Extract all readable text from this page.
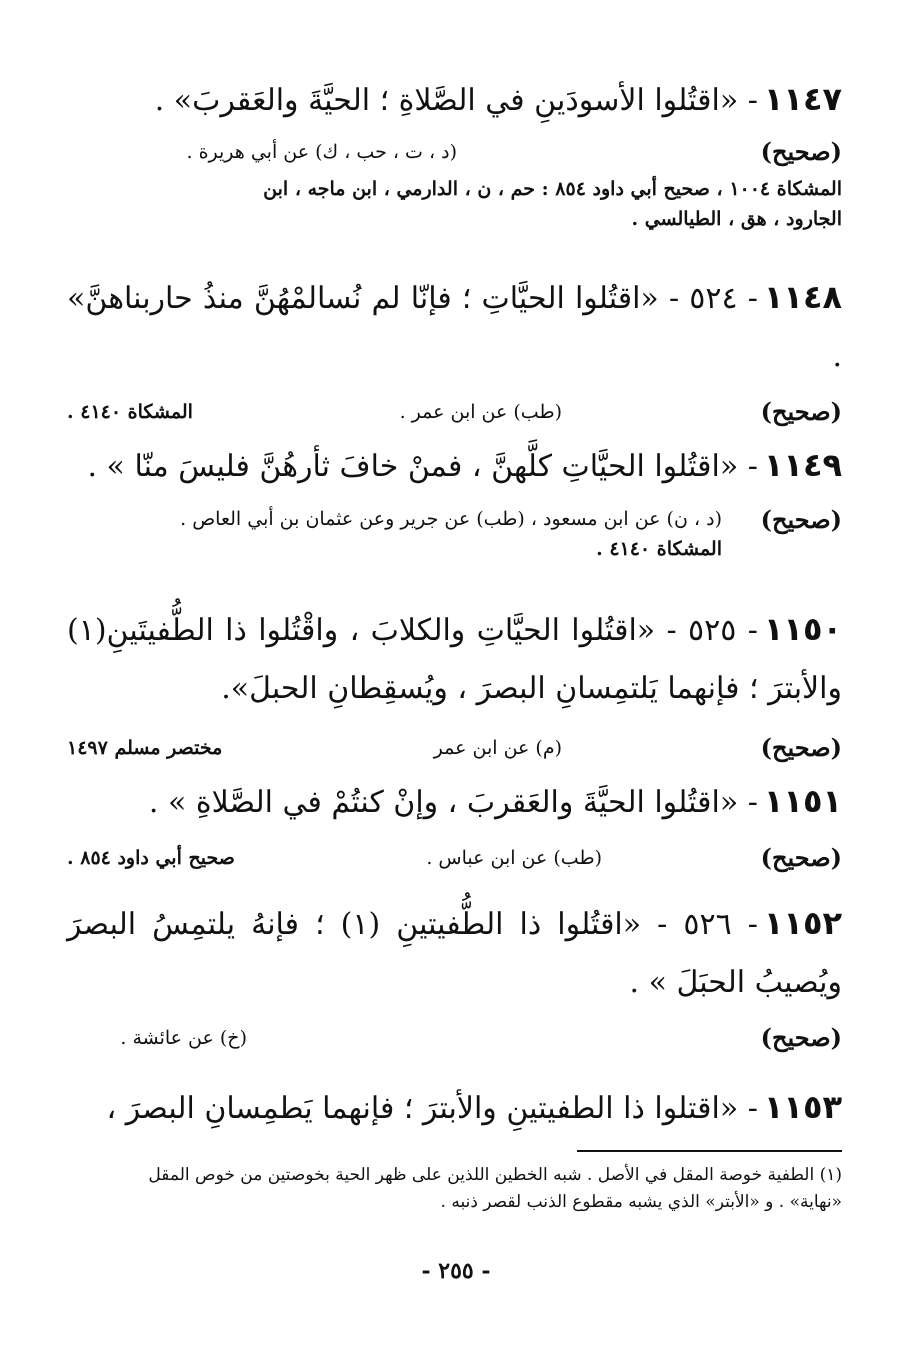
١١٤٧- «اقتُلوا الأسودَينِ في الصَّلاةِ ؛ الحيَّةَ والعَقربَ» .

(صحيح)
(د ، ت ، حب ، ك) عن أبي هريرة .

المشكاة ١٠٠٤ ، صحيح أبي داود ٨٥٤ : حم ، ن ، الدارمي ، ابن ماجه ، ابن

الجارود ، هق ، الطيالسي .

١١٤٨- ٥٢٤ - «اقتُلوا الحيَّاتِ ؛ فإنّا لم نُسالمْهُنَّ منذُ حاربناهنَّ» .

(صحيح)
(طب) عن ابن عمر .
المشكاة ٤١٤٠ .

١١٤٩- «اقتُلوا الحيَّاتِ كلَّهنَّ ، فمنْ خافَ ثأرهُنَّ فليسَ منّا » .

(صحيح)

(د ، ن) عن ابن مسعود ، (طب) عن جرير وعن عثمان بن أبي العاص .

المشكاة ٤١٤٠ .

١١٥٠- ٥٢٥ - «اقتُلوا الحيَّاتِ والكلابَ ، واقْتُلوا ذا الطُّفيتَينِ(١) والأبترَ ؛ فإنهما يَلتمِسانِ البصرَ ، ويُسقِطانِ الحبلَ».

(صحيح)
(م) عن ابن عمر
مختصر مسلم ١٤٩٧

١١٥١- «اقتُلوا الحيَّةَ والعَقربَ ، وإنْ كنتُمْ في الصَّلاةِ » .

(صحيح)
(طب) عن ابن عباس .
صحيح أبي داود ٨٥٤ .

١١٥٢- ٥٢٦ - «اقتُلوا ذا الطُّفيتينِ (١) ؛ فإنهُ يلتمِسُ البصرَ ويُصيبُ الحبَلَ » .

(صحيح)
(خ) عن عائشة .

١١٥٣- «اقتلوا ذا الطفيتينِ والأبترَ ؛ فإنهما يَطمِسانِ البصرَ ،

(١) الطفية خوصة المقل في الأصل . شبه الخطين اللذين على ظهر الحية بخوصتين من خوص المقل

«نهاية» . و «الأبتر» الذي يشبه مقطوع الذنب لقصر ذنبه .

- ٢٥٥ -
